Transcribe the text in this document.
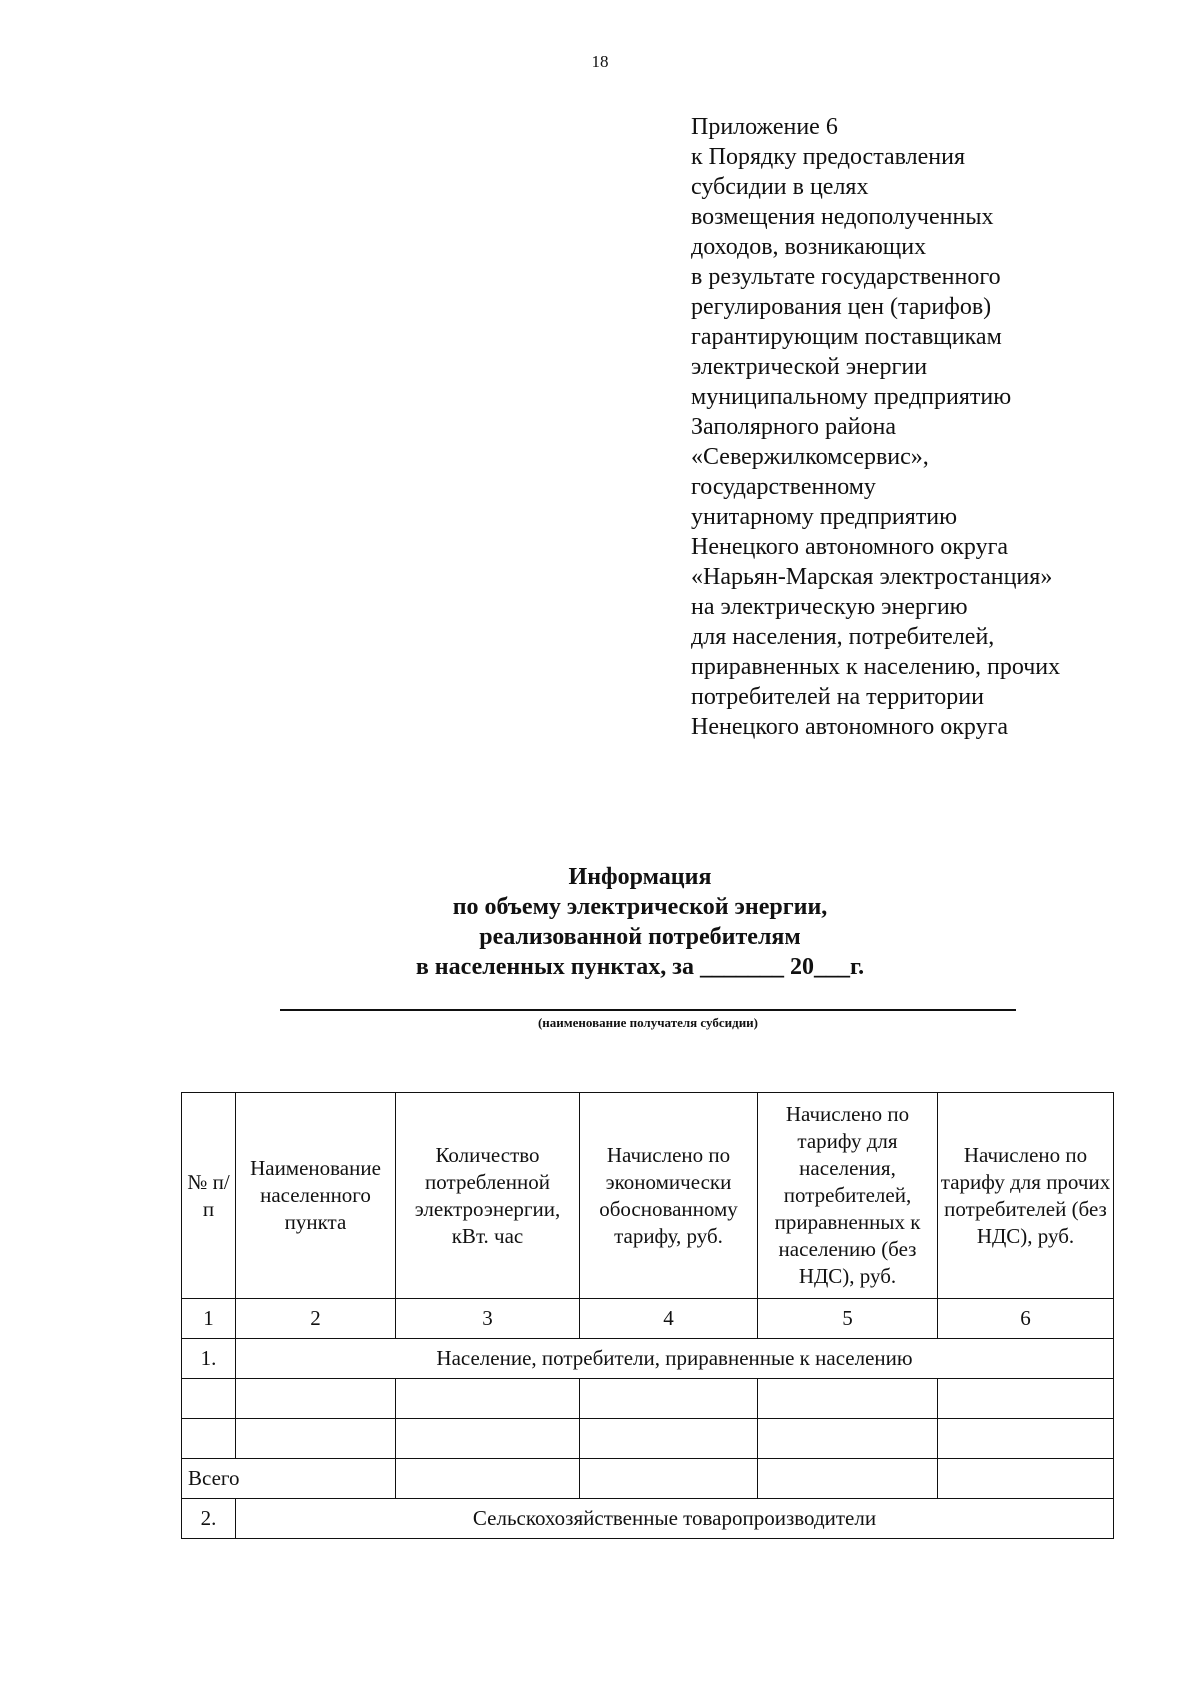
18
Приложение 6
к Порядку предоставления
субсидии в целях
возмещения недополученных
доходов, возникающих
в результате государственного
регулирования цен (тарифов)
гарантирующим поставщикам
электрической энергии
муниципальному предприятию
Заполярного района
«Севержилкомсервис»,
государственному
унитарному предприятию
Ненецкого автономного округа
«Нарьян-Марская электростанция»
на электрическую энергию
для населения, потребителей,
приравненных к населению, прочих
потребителей на территории
Ненецкого автономного округа
Информация
по объему электрической энергии,
реализованной потребителям
в населенных пунктах, за _______ 20___г.
(наименование получателя субсидии)
№ п/п	Наименование населенного пункта	Количество потребленной электроэнергии, кВт. час	Начислено по экономически обоснованному тарифу, руб.	Начислено по тарифу для населения, потребителей, приравненных к населению (без НДС), руб.	Начислено по тарифу для прочих потребителей (без НДС), руб.
1	2	3	4	5	6
1.	Население, потребители, приравненные к населению				

Всего					
2.	Сельскохозяйственные товаропроизводители				
